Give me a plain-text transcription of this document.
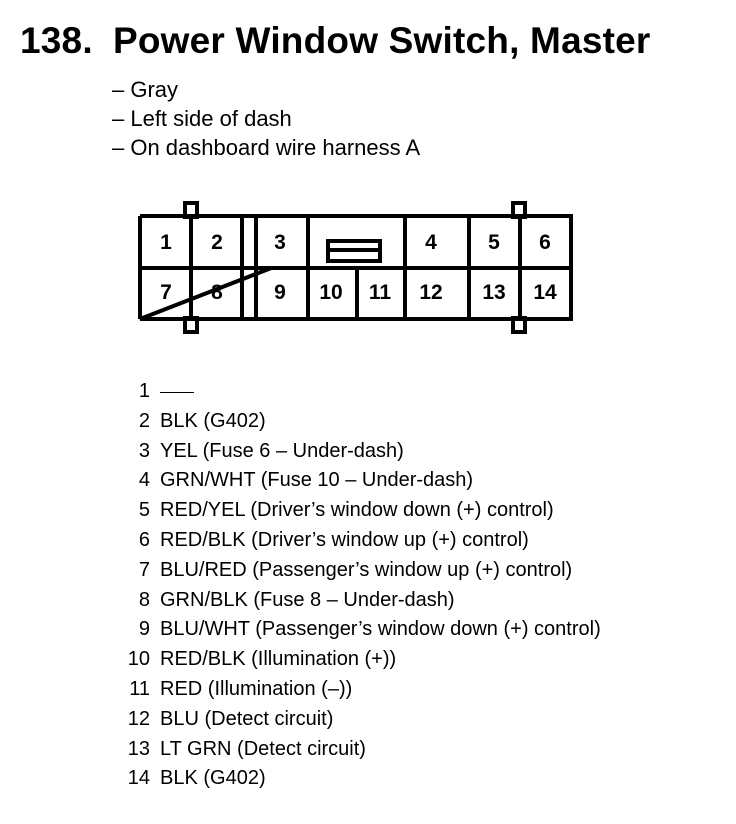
138. Power Window Switch, Master
– Gray
– Left side of dash
– On dashboard wire harness A
1 2 3	4 5 6
7 8 9 10 11 12 13 14
1
2 BLK (G402)
3 YEL (Fuse 6 – Under-dash)
4 GRN/WHT (Fuse 10 – Under-dash)
5 RED/YEL (Driver’s window down (+) control)
6 RED/BLK (Driver’s window up (+) control)
7 BLU/RED (Passenger’s window up (+) control)
8 GRN/BLK (Fuse 8 – Under-dash)
9 BLU/WHT (Passenger’s window down (+) control)
10 RED/BLK (Illumination (+))
11 RED (Illumination (–))
12 BLU (Detect circuit)
13 LT GRN (Detect circuit)
14 BLK (G402)
